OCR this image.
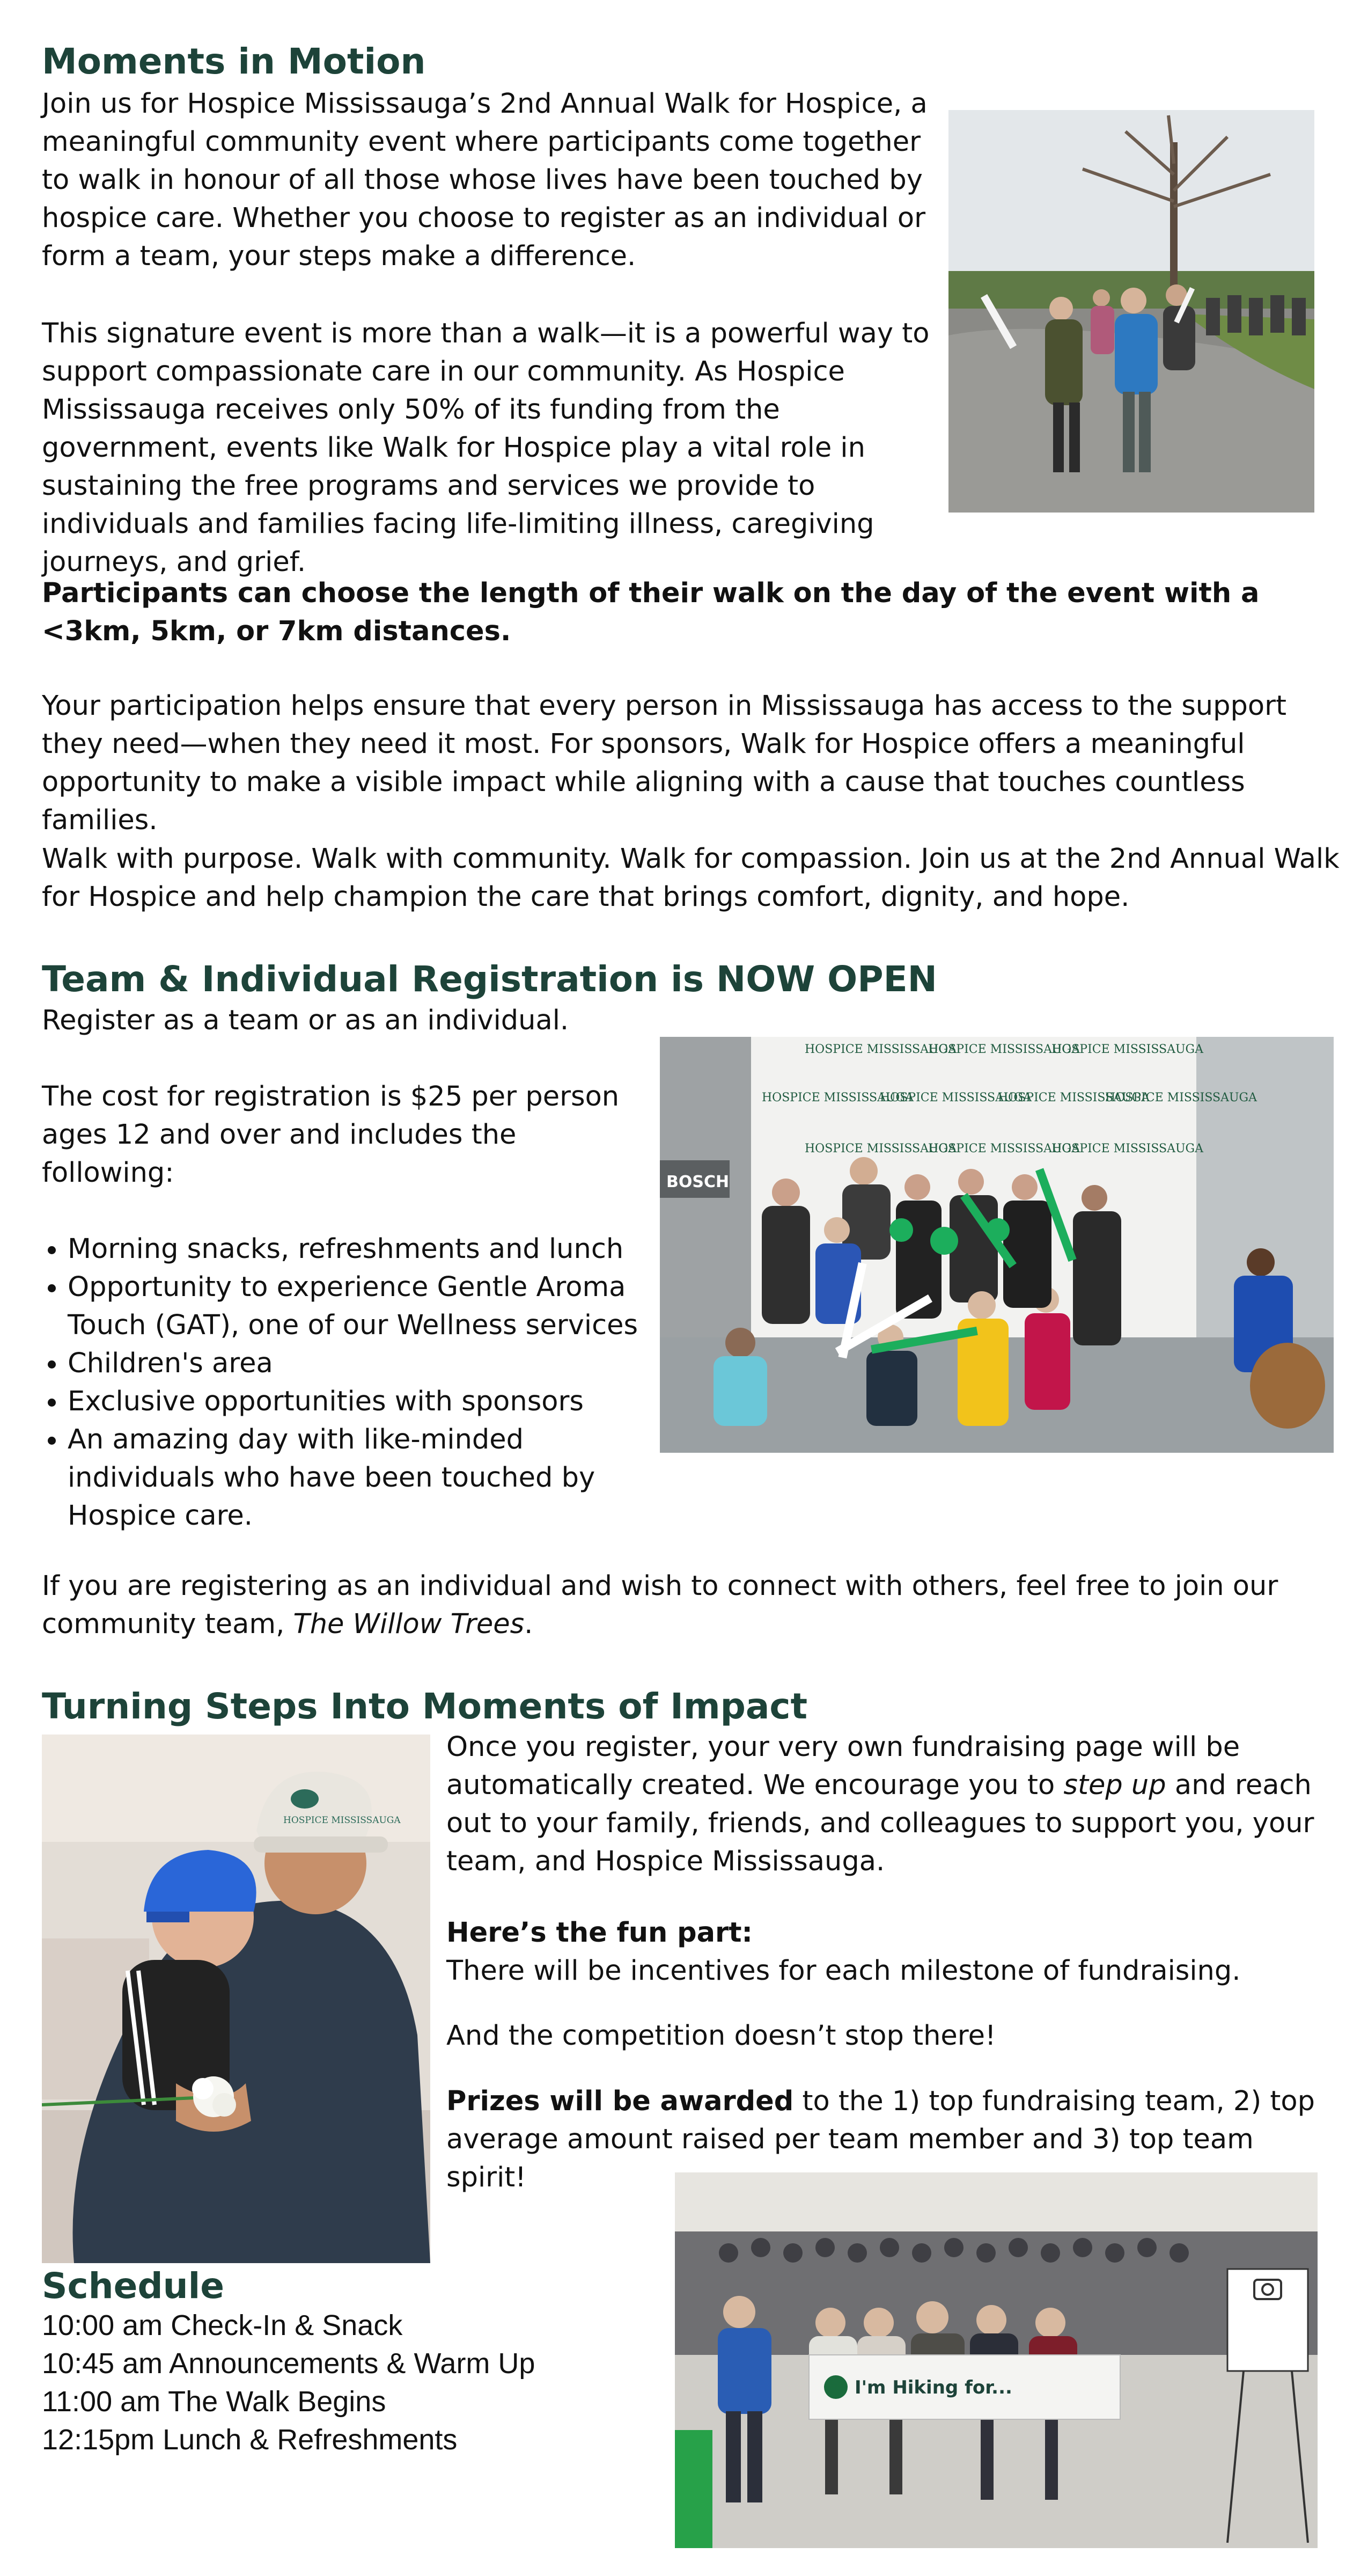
Moments in Motion

Join us for Hospice Mississauga’s 2nd Annual Walk for Hospice, a meaningful community event where participants come together to walk in honour of all those whose lives have been touched by hospice care. Whether you choose to register as an individual or form a team, your steps make a difference.

This signature event is more than a walk—it is a powerful way to support compassionate care in our community. As Hospice Mississauga receives only 50% of its funding from the government, events like Walk for Hospice play a vital role in sustaining the free programs and services we provide to individuals and families facing life-limiting illness, caregiving journeys, and grief.

Participants can choose the length of their walk on the day of the event with a <3km, 5km, or 7km distances.

Your participation helps ensure that every person in Mississauga has access to the support they need—when they need it most. For sponsors, Walk for Hospice offers a meaningful opportunity to make a visible impact while aligning with a cause that touches countless families.

Walk with purpose. Walk with community. Walk for compassion. Join us at the 2nd Annual Walk for Hospice and help champion the care that brings comfort, dignity, and hope.

Team & Individual Registration is NOW OPEN

Register as a team or as an individual.

The cost for registration is $25 per person ages 12 and over and includes the following:

• Morning snacks, refreshments and lunch
• Opportunity to experience Gentle Aroma Touch (GAT), one of our Wellness services
• Children's area
• Exclusive opportunities with sponsors
• An amazing day with like-minded individuals who have been touched by Hospice care.
HOSPICE MISSISSAUGA
HOSPICE MISSISSAUGA
HOSPICE MISSISSAUGA
HOSPICE MISSISSAUGA
HOSPICE MISSISSAUGA
HOSPICE MISSISSAUGA
HOSPICE MISSISSAUGA
HOSPICE MISSISSAUGA
HOSPICE MISSISSAUGA
HOSPICE MISSISSAUGA
BOSCH

If you are registering as an individual and wish to connect with others, feel free to join our community team, The Willow Trees.

Turning Steps Into Moments of Impact
HOSPICE MISSISSAUGA

Once you register, your very own fundraising page will be automatically created. We encourage you to step up and reach out to your family, friends, and colleagues to support you, your team, and Hospice Mississauga.

Here’s the fun part:

There will be incentives for each milestone of fundraising.

And the competition doesn’t stop there!

Prizes will be awarded to the 1) top fundraising team, 2) top average amount raised per team member and 3) top team spirit!

I'm Hiking for...
Schedule

10:00 am Check-In & Snack

10:45 am Announcements & Warm Up

11:00 am The Walk Begins

12:15pm Lunch & Refreshments
